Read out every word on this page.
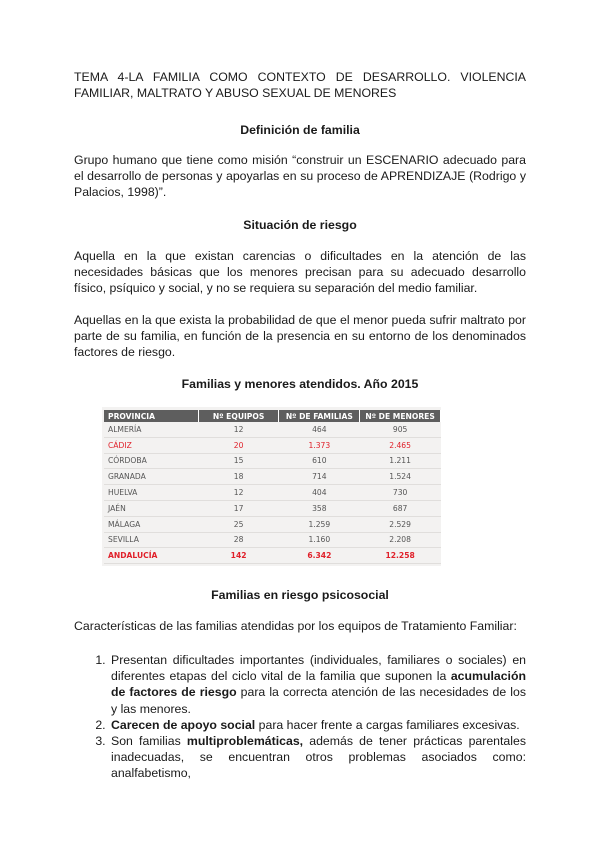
TEMA 4-LA FAMILIA COMO CONTEXTO DE DESARROLLO. VIOLENCIA FAMILIAR, MALTRATO Y ABUSO SEXUAL DE MENORES

Definición de familia

Grupo humano que tiene como misión “construir un ESCENARIO adecuado para el desarrollo de personas y apoyarlas en su proceso de APRENDIZAJE (Rodrigo y Palacios, 1998)”.

Situación de riesgo

Aquella en la que existan carencias o dificultades en la atención de las necesidades básicas que los menores precisan para su adecuado desarrollo físico, psíquico y social, y no se requiera su separación del medio familiar.

Aquellas en la que exista la probabilidad de que el menor pueda sufrir maltrato por parte de su familia, en función de la presencia en su entorno de los denominados factores de riesgo.

Familias y menores atendidos. Año 2015

PROVINCIA	Nº EQUIPOS	Nº DE FAMILIAS	Nº DE MENORES
ALMERÍA	12	464	905
CÁDIZ	20	1.373	2.465
CÓRDOBA	15	610	1.211
GRANADA	18	714	1.524
HUELVA	12	404	730
JAÉN	17	358	687
MÁLAGA	25	1.259	2.529
SEVILLA	28	1.160	2.208
ANDALUCÍA	142	6.342	12.258

Familias en riesgo psicosocial

Características de las familias atendidas por los equipos de Tratamiento Familiar:

1. Presentan dificultades importantes (individuales, familiares o sociales) en diferentes etapas del ciclo vital de la familia que suponen la acumulación de factores de riesgo para la correcta atención de las necesidades de los y las menores.
2. Carecen de apoyo social para hacer frente a cargas familiares excesivas.
3. Son familias multiproblemáticas, además de tener prácticas parentales inadecuadas, se encuentran otros problemas asociados como: analfabetismo,
